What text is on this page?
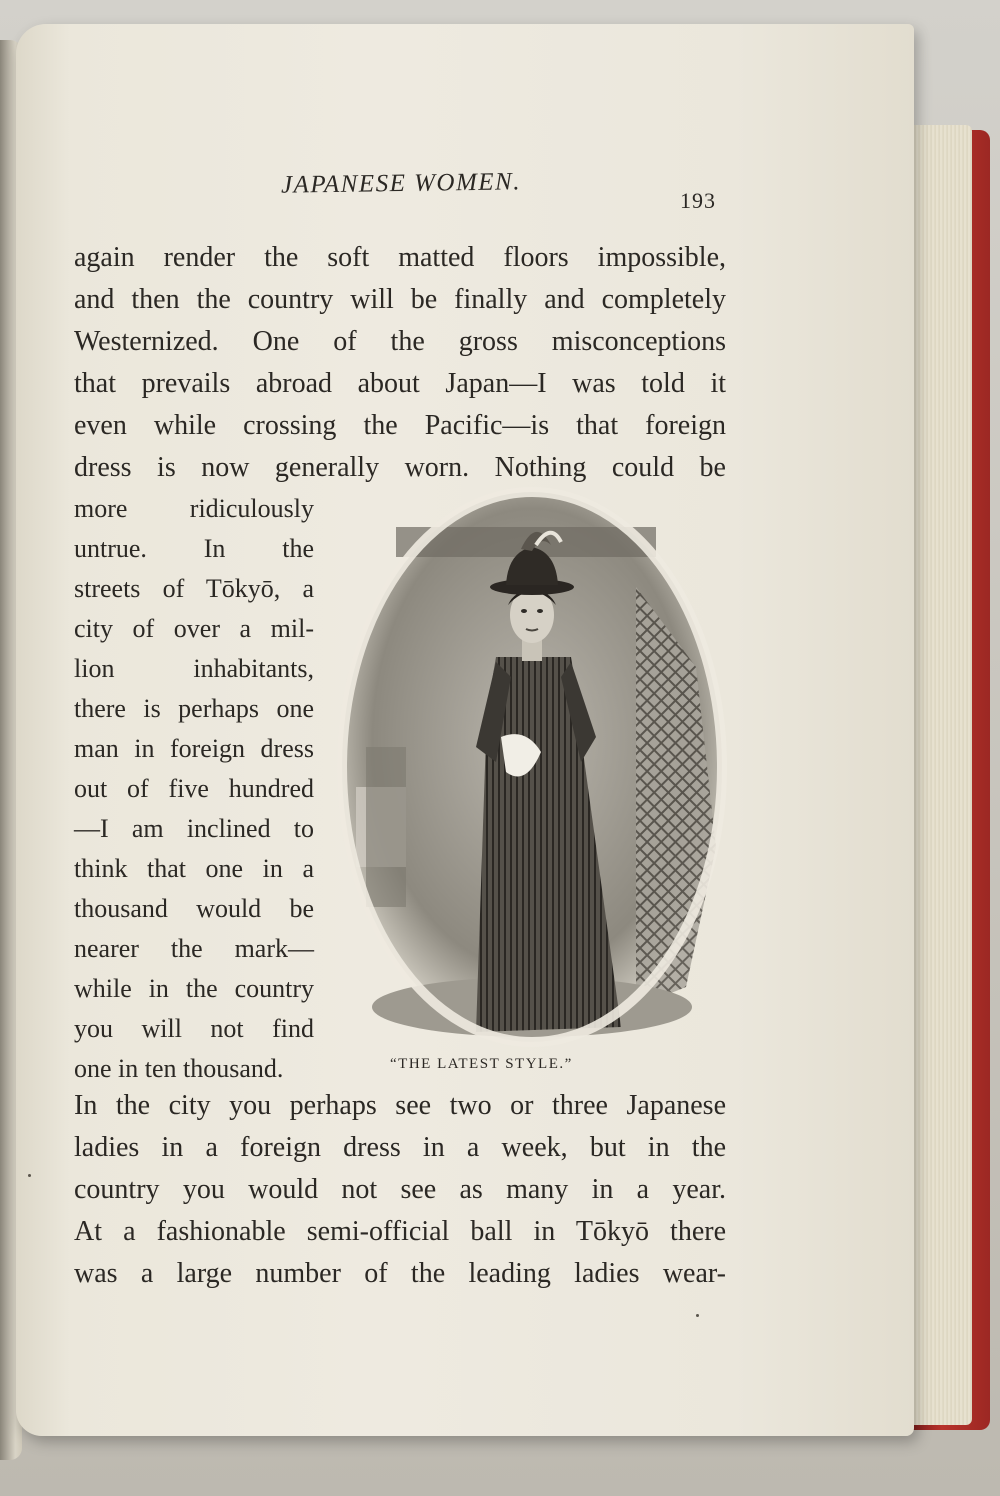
JAPANESE WOMEN.
193
again render the soft matted floors impossible,
and then the country will be finally and completely
Westernized. One of the gross misconceptions
that prevails abroad about Japan—I was told it
even while crossing the Pacific—is that foreign
dress is now generally worn. Nothing could be
more ridiculously
untrue. In the
streets of Tōkyō, a
city of over a mil-
lion inhabitants,
there is perhaps one
man in foreign dress
out of five hundred
—I am inclined to
think that one in a
thousand would be
nearer the mark—
while in the country
you will not find
one in ten thousand.	“THE LATEST STYLE.”
In the city you perhaps see two or three Japanese
ladies in a foreign dress in a week, but in the
country you would not see as many in a year.
At a fashionable semi-official ball in Tōkyō there
was a large number of the leading ladies wear-
